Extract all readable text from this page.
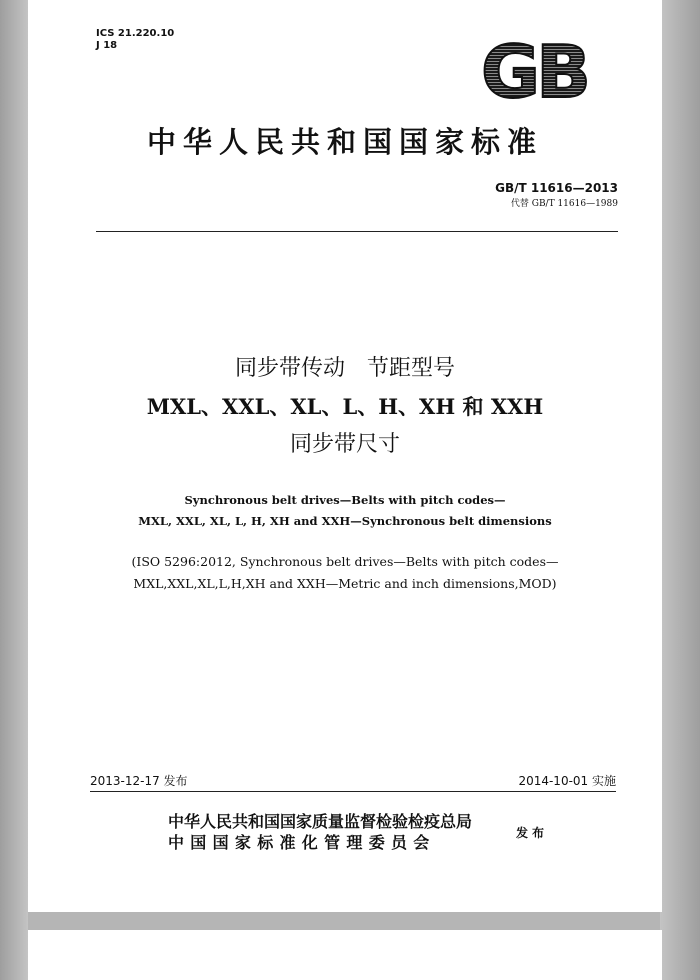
ICS 21.220.10
J 18	GB
中华人民共和国国家标准
GB/T 11616—2013
代替 GB/T 11616—1989
同步带传动　节距型号
MXL、XXL、XL、L、H、XH 和 XXH
同步带尺寸
Synchronous belt drives—Belts with pitch codes—
MXL, XXL, XL, L, H, XH and XXH—Synchronous belt dimensions
(ISO 5296:2012, Synchronous belt drives—Belts with pitch codes—
MXL,XXL,XL,L,H,XH and XXH—Metric and inch dimensions,MOD)
2013-12-17 发布	2014-10-01 实施
中华人民共和国国家质量监督检验检疫总局
中国国家标准化管理委员会	发布
